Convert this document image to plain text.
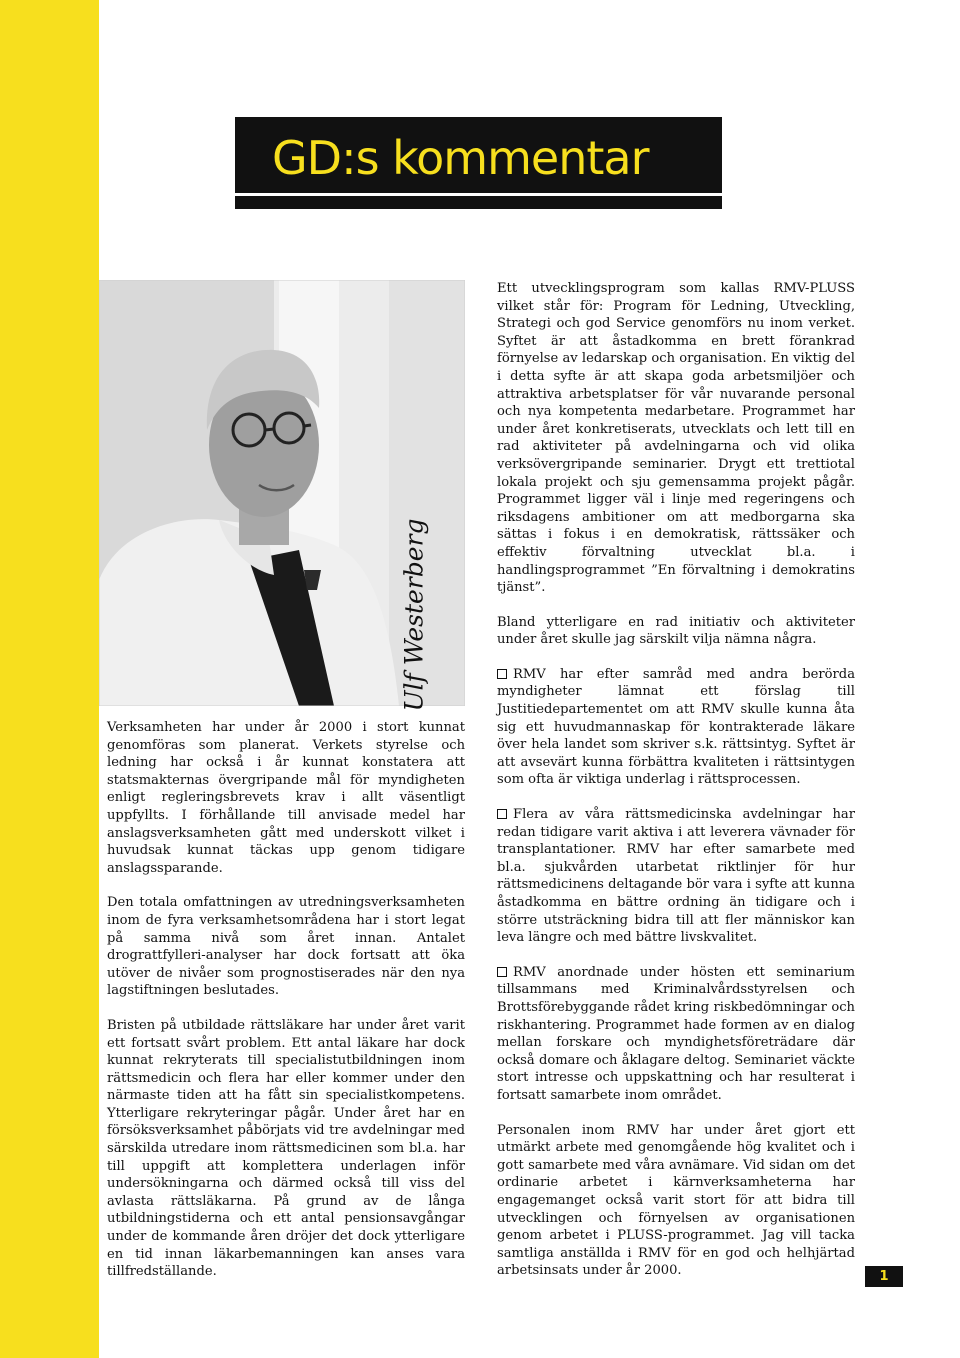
GD:s kommentar
Ulf Westerberg

Verksamheten har under år 2000 i stort kunnat genomföras som planerat. Verkets styrelse och ledning har också i år kunnat konstatera att statsmakternas övergripande mål för myndigheten enligt regleringsbrevets krav i allt väsentligt uppfyllts. I förhållande till anvisade medel har anslagsverksamheten gått med underskott vilket i huvudsak kunnat täckas upp genom tidigare anslagssparande.

Den totala omfattningen av utredningsverksamheten inom de fyra verksamhetsområdena har i stort legat på samma nivå som året innan. Antalet drograttfylleri-analyser har dock fortsatt att öka utöver de nivåer som prognostiserades när den nya lagstiftningen beslutades.

Bristen på utbildade rättsläkare har under året varit ett fortsatt svårt problem. Ett antal läkare har dock kunnat rekryterats till specialistutbildningen inom rättsmedicin och flera har eller kommer under den närmaste tiden att ha fått sin specialistkompetens. Ytterligare rekryteringar pågår. Under året har en försöksverksamhet påbörjats vid tre avdelningar med särskilda utredare inom rättsmedicinen som bl.a. har till uppgift att komplettera underlagen inför undersökningarna och därmed också till viss del avlasta rättsläkarna. På grund av de långa utbildningstiderna och ett antal pensionsavgångar under de kommande åren dröjer det dock ytterligare en tid innan läkarbemanningen kan anses vara tillfredställande.

Ett utvecklingsprogram som kallas RMV-PLUSS vilket står för: Program för Ledning, Utveckling, Strategi och god Service genomförs nu inom verket. Syftet är att åstadkomma en brett förankrad förnyelse av ledarskap och organisation. En viktig del i detta syfte är att skapa goda arbetsmiljöer och attraktiva arbetsplatser för vår nuvarande personal och nya kompetenta medarbetare. Programmet har under året konkretiserats, utvecklats och lett till en rad aktiviteter på avdelningarna och vid olika verksövergripande seminarier. Drygt ett trettiotal lokala projekt och sju gemensamma projekt pågår. Programmet ligger väl i linje med regeringens och riksdagens ambitioner om att medborgarna ska sättas i fokus i en demokratisk, rättssäker och effektiv förvaltning utvecklat bl.a. i handlingsprogrammet ”En förvaltning i demokratins tjänst”.

Bland ytterligare en rad initiativ och aktiviteter under året skulle jag särskilt vilja nämna några.

RMV har efter samråd med andra berörda myndigheter lämnat ett förslag till Justitiedepartementet om att RMV skulle kunna åta sig ett huvudmannaskap för kontrakterade läkare över hela landet som skriver s.k. rättsintyg. Syftet är att avsevärt kunna förbättra kvaliteten i rättsintygen som ofta är viktiga underlag i rättsprocessen.

Flera av våra rättsmedicinska avdelningar har redan tidigare varit aktiva i att leverera vävnader för transplantationer. RMV har efter samarbete med bl.a. sjukvården utarbetat riktlinjer för hur rättsmedicinens deltagande bör vara i syfte att kunna åstadkomma en bättre ordning än tidigare och i större utsträckning bidra till att fler människor kan leva längre och med bättre livskvalitet.

RMV anordnade under hösten ett seminarium tillsammans med Kriminalvårdsstyrelsen och Brottsförebyggande rådet kring riskbedömningar och riskhantering. Programmet hade formen av en dialog mellan forskare och myndighetsföreträdare där också domare och åklagare deltog. Seminariet väckte stort intresse och uppskattning och har resulterat i fortsatt samarbete inom området.

Personalen inom RMV har under året gjort ett utmärkt arbete med genomgående hög kvalitet och i gott samarbete med våra avnämare. Vid sidan om det ordinarie arbetet i kärnverksamheterna har engagemanget också varit stort för att bidra till utvecklingen och förnyelsen av organisationen genom arbetet i PLUSS-programmet. Jag vill tacka samtliga anställda i RMV för en god och helhjärtad arbetsinsats under år 2000.	1
